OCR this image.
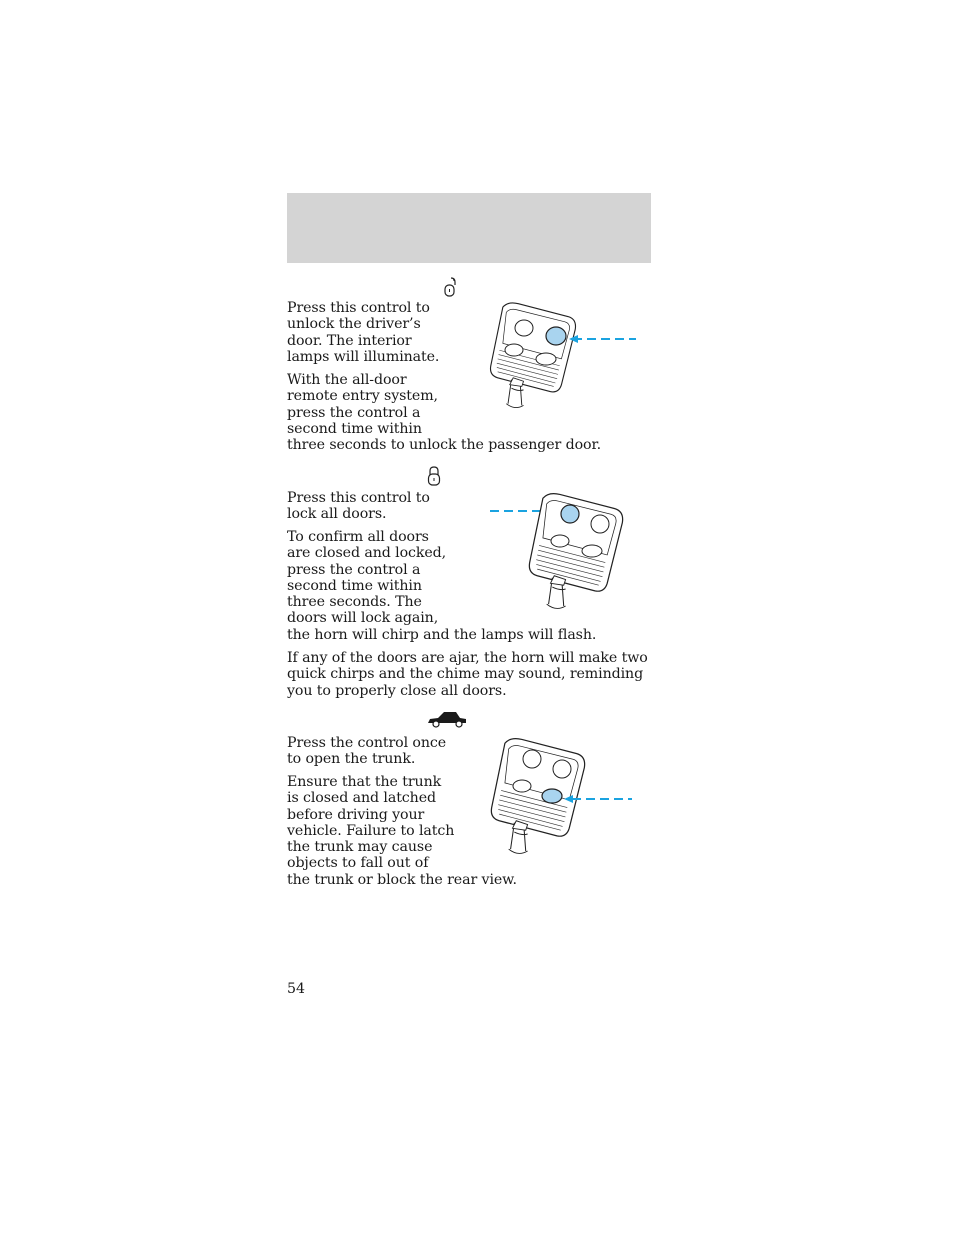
Press this control to
unlock the driver’s
door. The interior
lamps will illuminate.
With the all-door
remote entry system,
press the control a
second time within
three seconds to unlock the passenger door.
Press this control to
lock all doors.
To confirm all doors
are closed and locked,
press the control a
second time within
three seconds. The
doors will lock again,
the horn will chirp and the lamps will flash.
If any of the doors are ajar, the horn will make two
quick chirps and the chime may sound, reminding
you to properly close all doors.
Press the control once
to open the trunk.
Ensure that the trunk
is closed and latched
before driving your
vehicle. Failure to latch
the trunk may cause
objects to fall out of
the trunk or block the rear view.
54
